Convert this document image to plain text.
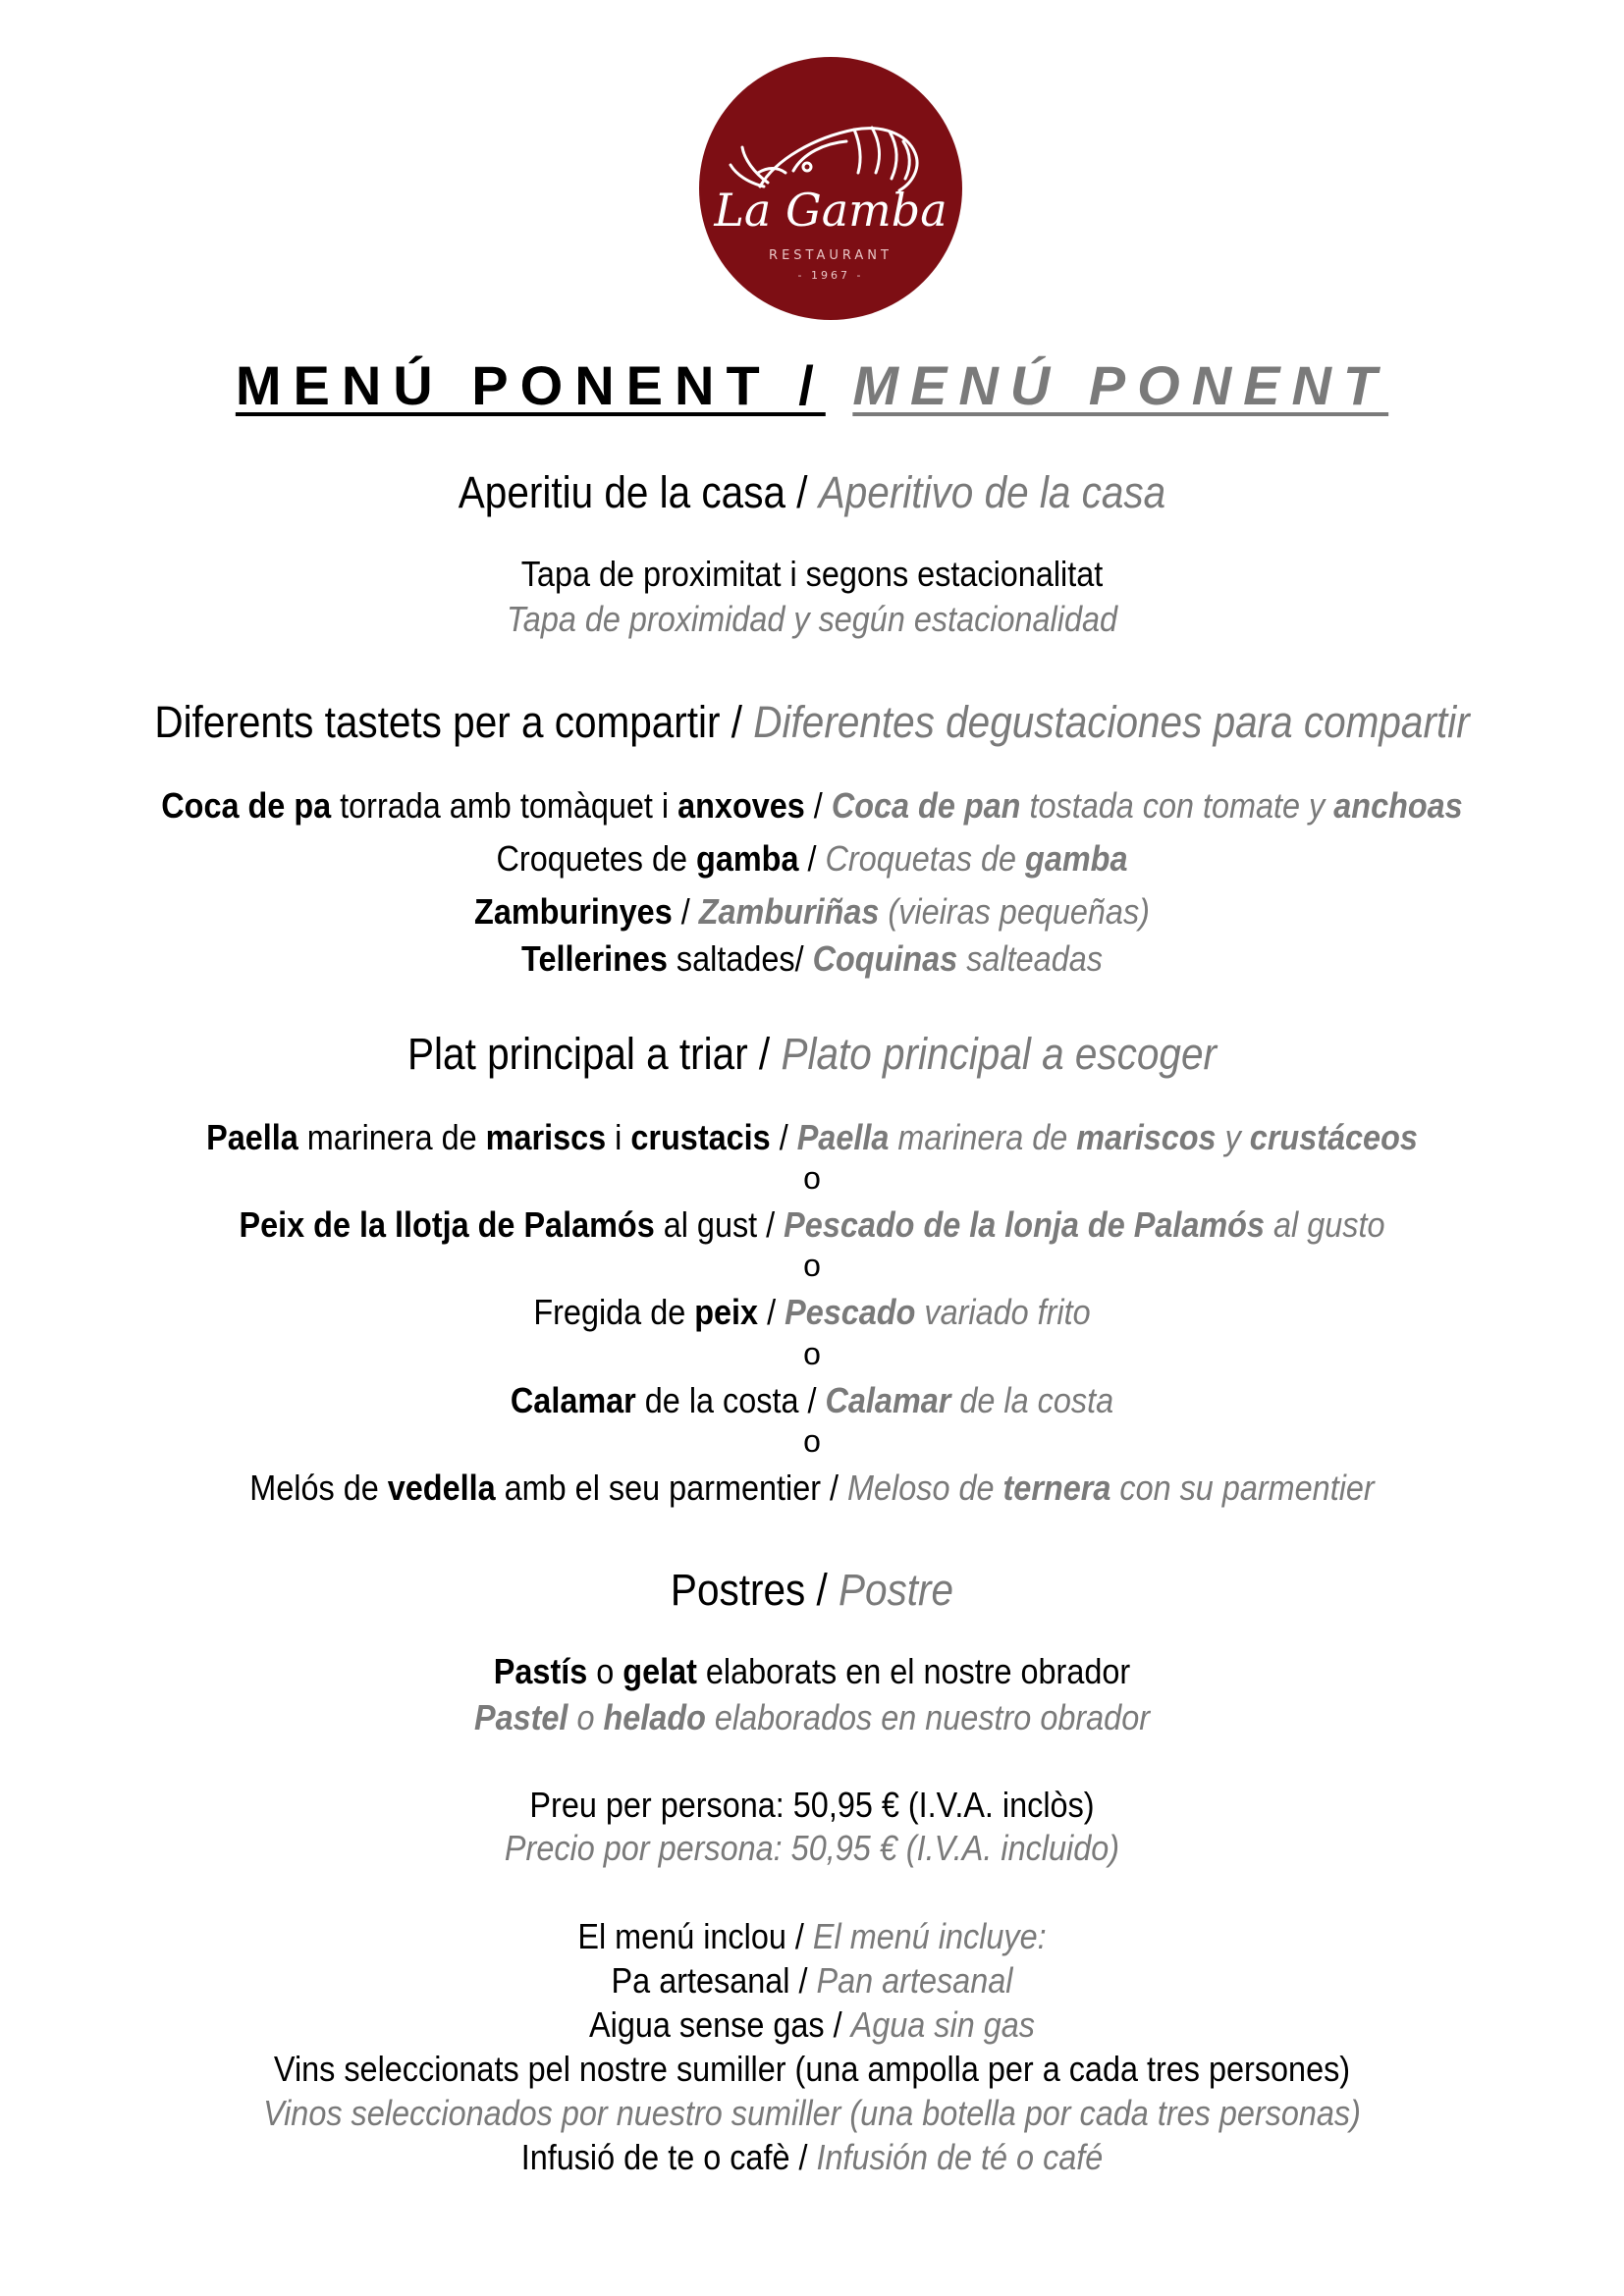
La Gamba
RESTAURANT
- 1967 -
MENÚ PONENT / MENÚ PONENT
Aperitiu de la casa / Aperitivo de la casa
Tapa de proximitat i segons estacionalitat
Tapa de proximidad y según estacionalidad
Diferents tastets per a compartir / Diferentes degustaciones para compartir
Coca de pa torrada amb tomàquet i anxoves / Coca de pan tostada con tomate y anchoas
Croquetes de gamba / Croquetas de gamba
Zamburinyes / Zamburiñas (vieiras pequeñas)
Tellerines saltades/ Coquinas salteadas
Plat principal a triar / Plato principal a escoger
Paella marinera de mariscs i crustacis / Paella marinera de mariscos y crustáceos
o
Peix de la llotja de Palamós al gust / Pescado de la lonja de Palamós al gusto
o
Fregida de peix / Pescado variado frito
o
Calamar de la costa / Calamar de la costa
o
Melós de vedella amb el seu parmentier / Meloso de ternera con su parmentier
Postres / Postre
Pastís o gelat elaborats en el nostre obrador
Pastel o helado elaborados en nuestro obrador
Preu per persona: 50,95 € (I.V.A. inclòs)
Precio por persona: 50,95 € (I.V.A. incluido)
El menú inclou / El menú incluye:
Pa artesanal / Pan artesanal
Aigua sense gas / Agua sin gas
Vins seleccionats pel nostre sumiller (una ampolla per a cada tres persones)
Vinos seleccionados por nuestro sumiller (una botella por cada tres personas)
Infusió de te o cafè / Infusión de té o café
